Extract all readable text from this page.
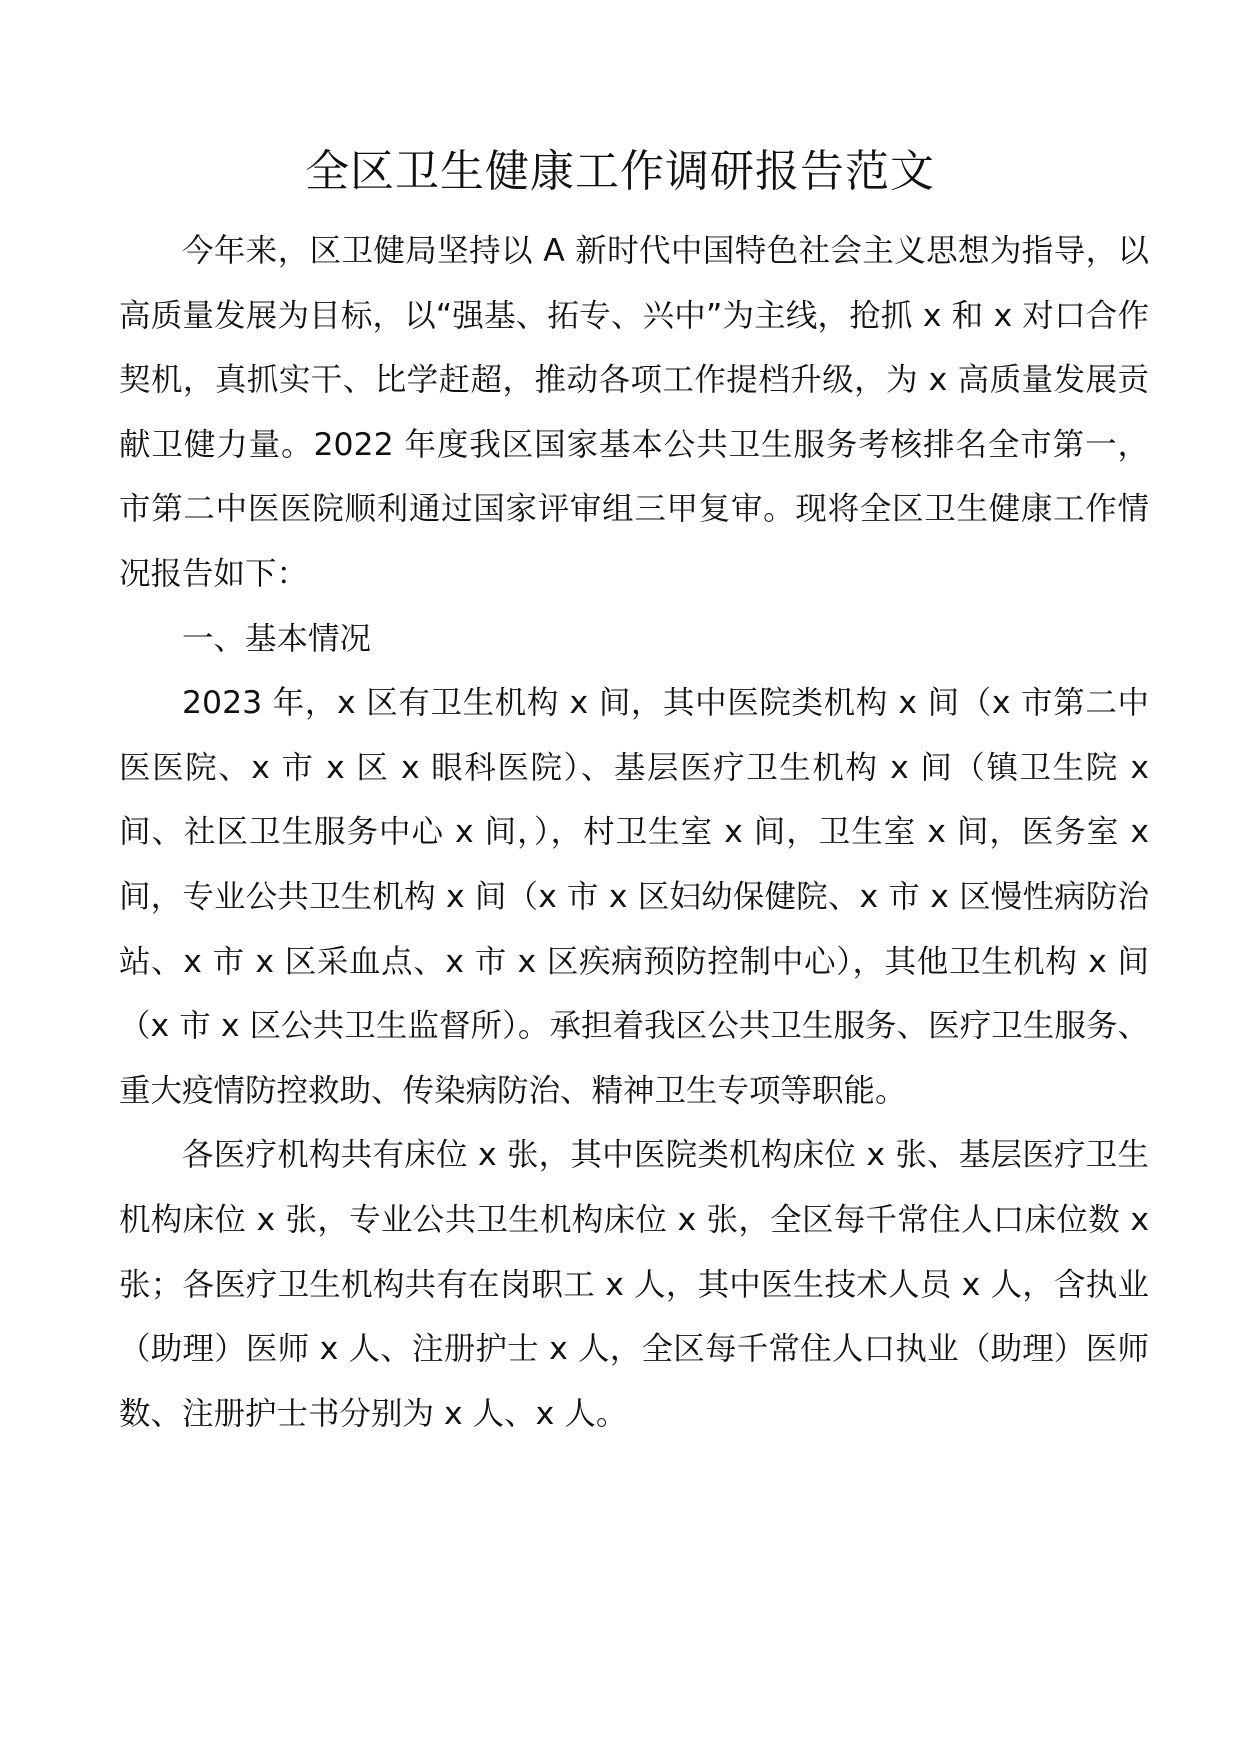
全区卫生健康工作调研报告范文

今年来，区卫健局坚持以 A 新时代中国特色社会主义思想为指导，以高质量发展为目标，以“强基、拓专、兴中”为主线，抢抓 x 和 x 对口合作契机，真抓实干、比学赶超，推动各项工作提档升级，为 x 高质量发展贡献卫健力量。2022 年度我区国家基本公共卫生服务考核排名全市第一，市第二中医医院顺利通过国家评审组三甲复审。现将全区卫生健康工作情况报告如下：

一、基本情况

2023 年，x 区有卫生机构 x 间，其中医院类机构 x 间（x 市第二中医医院、x 市 x 区 x 眼科医院）、基层医疗卫生机构 x 间（镇卫生院 x 间、社区卫生服务中心 x 间，），村卫生室 x 间，卫生室 x 间，医务室 x 间，专业公共卫生机构 x 间（x 市 x 区妇幼保健院、x 市 x 区慢性病防治站、x 市 x 区采血点、x 市 x 区疾病预防控制中心），其他卫生机构 x 间（x 市 x 区公共卫生监督所）。承担着我区公共卫生服务、医疗卫生服务、重大疫情防控救助、传染病防治、精神卫生专项等职能。

各医疗机构共有床位 x 张，其中医院类机构床位 x 张、基层医疗卫生机构床位 x 张，专业公共卫生机构床位 x 张，全区每千常住人口床位数 x 张；各医疗卫生机构共有在岗职工 x 人，其中医生技术人员 x 人，含执业（助理）医师 x 人、注册护士 x 人，全区每千常住人口执业（助理）医师数、注册护士书分别为 x 人、x 人。
